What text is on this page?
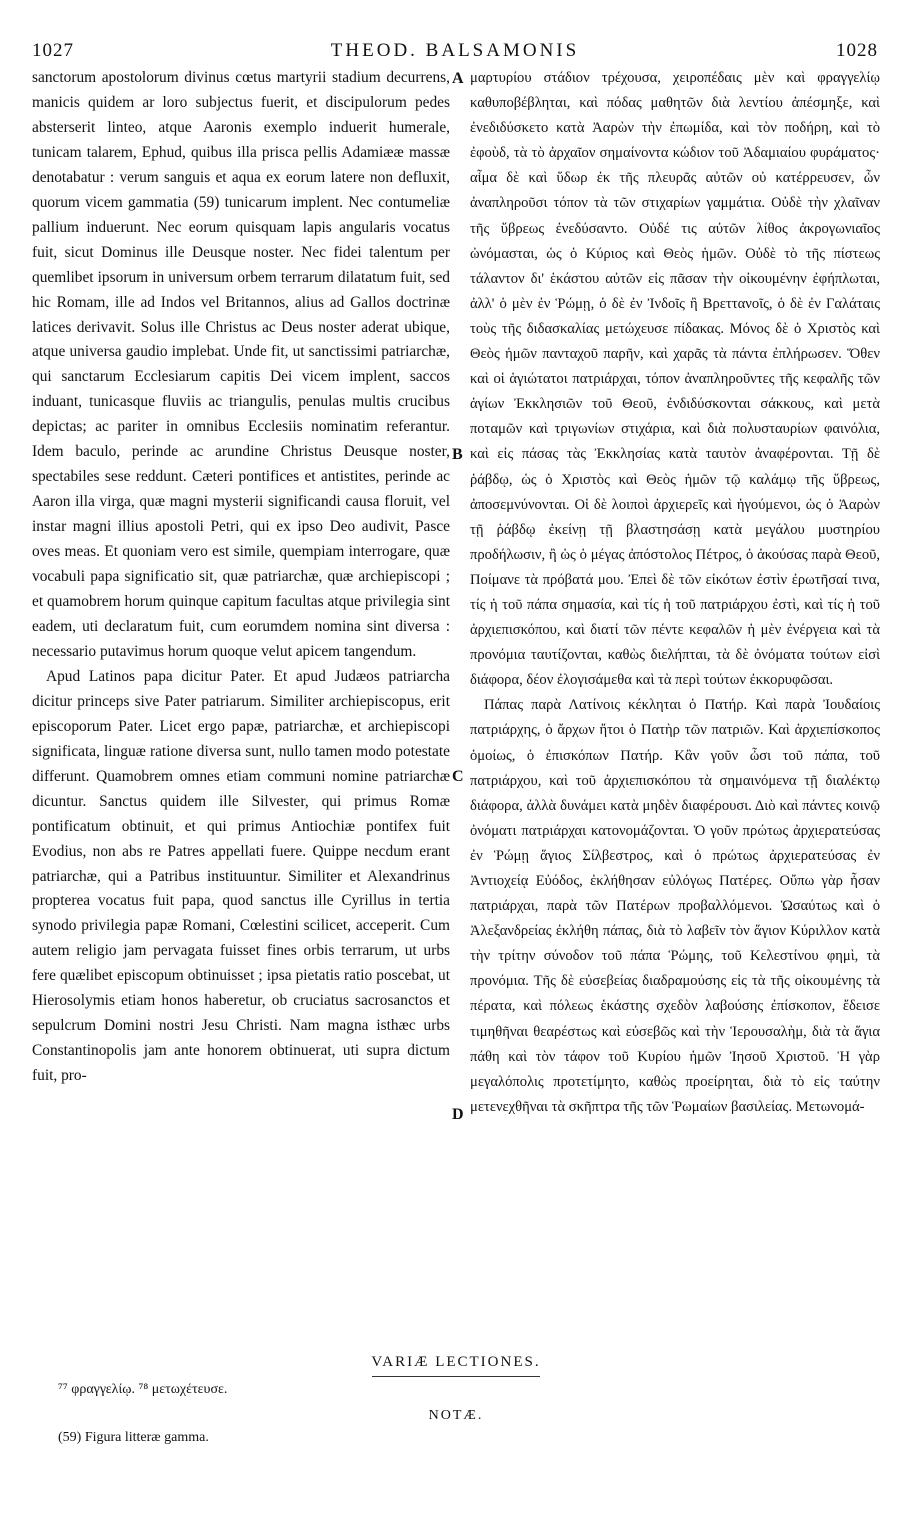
1027	THEOD. BALSAMONIS	1028

sanctorum apostolorum divinus cœtus martyrii stadium decurrens, manicis quidem ar loro subjectus fuerit, et discipulorum pedes absterserit linteo, atque Aaronis exemplo induerit humerale, tunicam talarem, Ephud, quibus illa prisca pellis Adamiææ massæ denotabatur : verum sanguis et aqua ex eorum latere non defluxit, quorum vicem gammatia (59) tunicarum implent. Nec contumeliæ pallium induerunt. Nec eorum quisquam lapis angularis vocatus fuit, sicut Dominus ille Deusque noster. Nec fidei talentum per quemlibet ipsorum in universum orbem terrarum dilatatum fuit, sed hic Romam, ille ad Indos vel Britannos, alius ad Gallos doctrinæ latices derivavit. Solus ille Christus ac Deus noster aderat ubique, atque universa gaudio implebat. Unde fit, ut sanctissimi patriarchæ, qui sanctarum Ecclesiarum capitis Dei vicem implent, saccos induant, tunicasque fluviis ac triangulis, penulas multis crucibus depictas; ac pariter in omnibus Ecclesiis nominatim referantur. Idem baculo, perinde ac arundine Christus Deusque noster, spectabiles sese reddunt. Cæteri pontifices et antistites, perinde ac Aaron illa virga, quæ magni mysterii significandi causa floruit, vel instar magni illius apostoli Petri, qui ex ipso Deo audivit, Pasce oves meas. Et quoniam vero est simile, quempiam interrogare, quæ vocabuli papa significatio sit, quæ patriarchæ, quæ archiepiscopi ; et quamobrem horum quinque capitum facultas atque privilegia sint eadem, uti declaratum fuit, cum eorumdem nomina sint diversa : necessario putavimus horum quoque velut apicem tangendum.

Apud Latinos papa dicitur Pater. Et apud Judæos patriarcha dicitur princeps sive Pater patriarum. Similiter archiepiscopus, erit episcoporum Pater. Licet ergo papæ, patriarchæ, et archiepiscopi significata, linguæ ratione diversa sunt, nullo tamen modo potestate differunt. Quamobrem omnes etiam communi nomine patriarchæ dicuntur. Sanctus quidem ille Silvester, qui primus Romæ pontificatum obtinuit, et qui primus Antiochiæ pontifex fuit Evodius, non abs re Patres appellati fuere. Quippe necdum erant patriarchæ, qui a Patribus instituuntur. Similiter et Alexandrinus propterea vocatus fuit papa, quod sanctus ille Cyrillus in tertia synodo privilegia papæ Romani, Cœlestini scilicet, acceperit. Cum autem religio jam pervagata fuisset fines orbis terrarum, ut urbs fere quælibet episcopum obtinuisset ; ipsa pietatis ratio poscebat, ut Hierosolymis etiam honos haberetur, ob cruciatus sacrosanctos et sepulcrum Domini nostri Jesu Christi. Nam magna isthæc urbs Constantinopolis jam ante honorem obtinuerat, uti supra dictum fuit, pro-

A
B
C
D

μαρτυρίου στάδιον τρέχουσα, χειροπέδαις μὲν καὶ φραγγελίῳ καθυποβέβληται, καὶ πόδας μαθητῶν διὰ λεντίου ἀπέσμηξε, καὶ ἐνεδιδύσκετο κατὰ Ἀαρὼν τὴν ἐπωμίδα, καὶ τὸν ποδήρη, καὶ τὸ ἐφοὺδ, τὰ τὸ ἀρχαῖον σημαίνοντα κώδιον τοῦ Ἀδαμιαίου φυράματος· αἷμα δὲ καὶ ὕδωρ ἐκ τῆς πλευρᾶς αὐτῶν οὐ κατέρρευσεν, ὧν ἀναπληροῦσι τόπον τὰ τῶν στιχαρίων γαμμάτια. Οὐδὲ τὴν χλαῖναν τῆς ὕβρεως ἐνεδύσαντο. Οὐδέ τις αὐτῶν λίθος ἀκρογωνιαῖος ὠνόμασται, ὡς ὁ Κύριος καὶ Θεὸς ἡμῶν. Οὐδὲ τὸ τῆς πίστεως τάλαντον δι' ἑκάστου αὐτῶν εἰς πᾶσαν τὴν οἰκουμένην ἐφήπλωται, ἀλλ' ὁ μὲν ἐν Ῥώμῃ, ὁ δὲ ἐν Ἰνδοῖς ἢ Βρεττανοῖς, ὁ δὲ ἐν Γαλάταις τοὺς τῆς διδασκαλίας μετώχευσε πίδακας. Μόνος δὲ ὁ Χριστὸς καὶ Θεὸς ἡμῶν πανταχοῦ παρῆν, καὶ χαρᾶς τὰ πάντα ἐπλήρωσεν. Ὅθεν καὶ οἱ ἁγιώτατοι πατριάρχαι, τόπον ἀναπληροῦντες τῆς κεφαλῆς τῶν ἁγίων Ἐκκλησιῶν τοῦ Θεοῦ, ἐνδιδύσκονται σάκκους, καὶ μετὰ ποταμῶν καὶ τριγωνίων στιχάρια, καὶ διὰ πολυσταυρίων φαινόλια, καὶ εἰς πάσας τὰς Ἐκκλησίας κατὰ ταυτὸν ἀναφέρονται. Τῇ δὲ ῥάβδῳ, ὡς ὁ Χριστὸς καὶ Θεὸς ἡμῶν τῷ καλάμῳ τῆς ὕβρεως, ἀποσεμνύνονται. Οἱ δὲ λοιποὶ ἀρχιερεῖς καὶ ἡγούμενοι, ὡς ὁ Ἀαρὼν τῇ ῥάβδῳ ἐκείνῃ τῇ βλαστησάσῃ κατὰ μεγάλου μυστηρίου προδήλωσιν, ἢ ὡς ὁ μέγας ἀπόστολος Πέτρος, ὁ ἀκούσας παρὰ Θεοῦ, Ποίμανε τὰ πρόβατά μου. Ἐπεὶ δὲ τῶν εἰκότων ἐστὶν ἐρωτῆσαί τινα, τίς ἡ τοῦ πάπα σημασία, καὶ τίς ἡ τοῦ πατριάρχου ἐστὶ, καὶ τίς ἡ τοῦ ἀρχιεπισκόπου, καὶ διατί τῶν πέντε κεφαλῶν ἡ μὲν ἐνέργεια καὶ τὰ προνόμια ταυτίζονται, καθὼς διελήπται, τὰ δὲ ὀνόματα τούτων εἰσὶ διάφορα, δέον ἐλογισάμεθα καὶ τὰ περὶ τούτων ἐκκορυφῶσαι.

Πάπας παρὰ Λατίνοις κέκληται ὁ Πατήρ. Καὶ παρὰ Ἰουδαίοις πατριάρχης, ὁ ἄρχων ἤτοι ὁ Πατὴρ τῶν πατριῶν. Καὶ ἀρχιεπίσκοπος ὁμοίως, ὁ ἐπισκόπων Πατήρ. Κἂν γοῦν ὦσι τοῦ πάπα, τοῦ πατριάρχου, καὶ τοῦ ἀρχιεπισκόπου τὰ σημαινόμενα τῇ διαλέκτῳ διάφορα, ἀλλὰ δυνάμει κατὰ μηδὲν διαφέρουσι. Διὸ καὶ πάντες κοινῷ ὀνόματι πατριάρχαι κατονομάζονται. Ὁ γοῦν πρώτως ἀρχιερατεύσας ἐν Ῥώμῃ ἅγιος Σίλβεστρος, καὶ ὁ πρώτως ἀρχιερατεύσας ἐν Ἀντιοχείᾳ Εὐόδος, ἐκλήθησαν εὐλόγως Πατέρες. Οὔπω γὰρ ἦσαν πατριάρχαι, παρὰ τῶν Πατέρων προβαλλόμενοι. Ὡσαύτως καὶ ὁ Ἀλεξανδρείας ἐκλήθη πάπας, διὰ τὸ λαβεῖν τὸν ἅγιον Κύριλλον κατὰ τὴν τρίτην σύνοδον τοῦ πάπα Ῥώμης, τοῦ Κελεστίνου φημὶ, τὰ προνόμια. Τῆς δὲ εὐσεβείας διαδραμούσης εἰς τὰ τῆς οἰκουμένης τὰ πέρατα, καὶ πόλεως ἑκάστης σχεδὸν λαβούσης ἐπίσκοπον, ἔδεισε τιμηθῆναι θεαρέστως καὶ εὐσεβῶς καὶ τὴν Ἱερουσαλὴμ, διὰ τὰ ἅγια πάθη καὶ τὸν τάφον τοῦ Κυρίου ἡμῶν Ἰησοῦ Χριστοῦ. Ἡ γὰρ μεγαλόπολις προτετίμητο, καθὼς προείρηται, διὰ τὸ εἰς ταύτην μετενεχθῆναι τὰ σκῆπτρα τῆς τῶν Ῥωμαίων βασιλείας. Μετωνομά-

VARIÆ LECTIONES.
⁷⁷ φραγγελίῳ. ⁷⁸ μετωχέτευσε.
NOTÆ.
(59) Figura litteræ gamma.
